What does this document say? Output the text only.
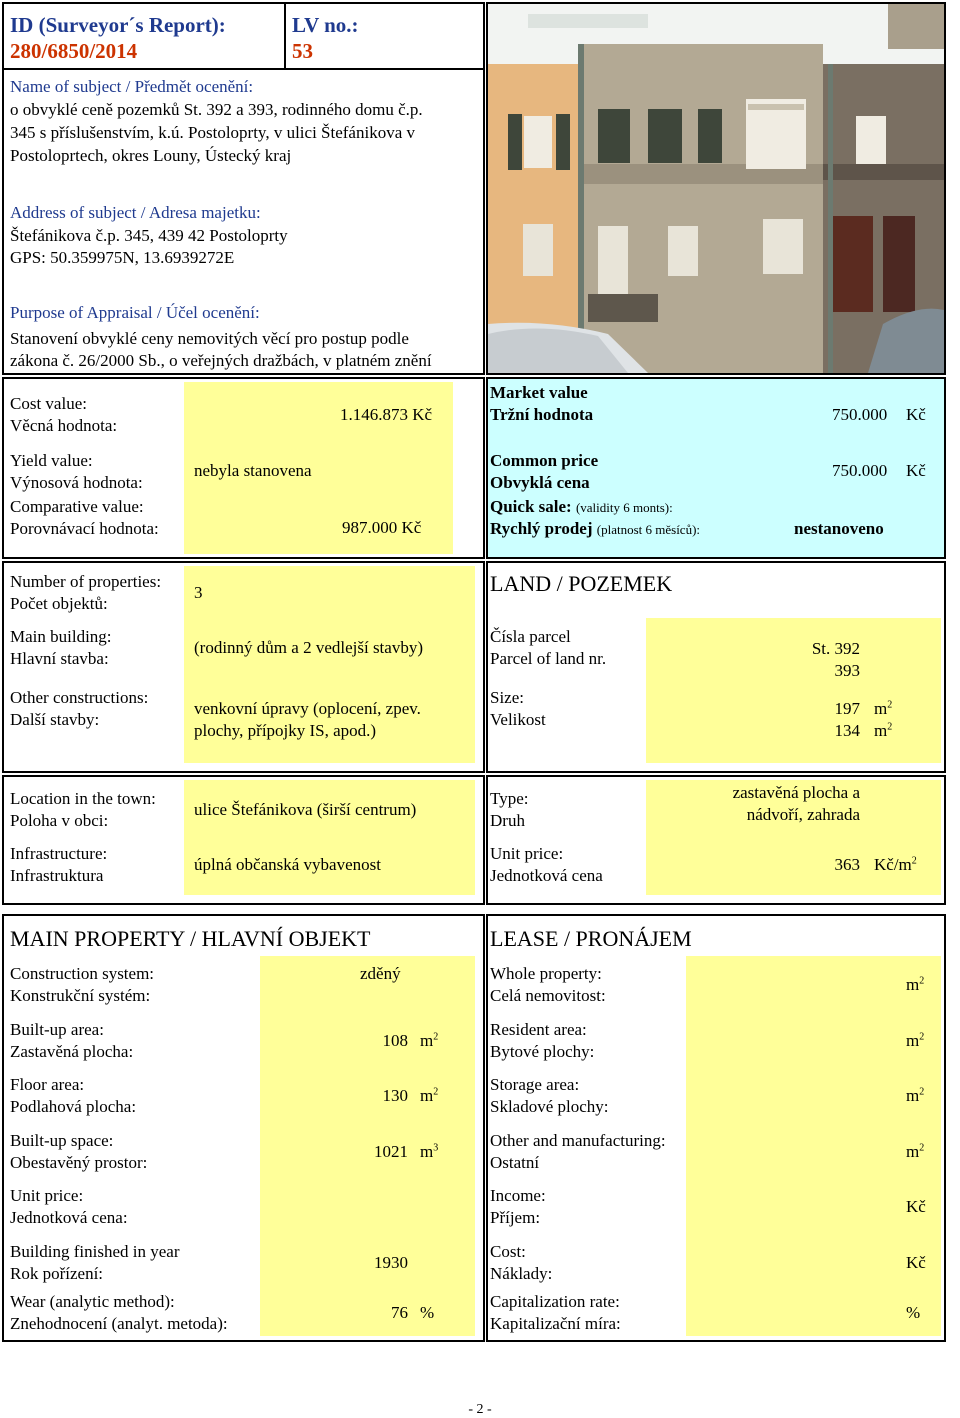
ID (Surveyor´s Report):
280/6850/2014
LV no.:
53
Name of subject / Předmět ocenění:
o obvyklé ceně pozemků St. 392 a 393, rodinného domu č.p.
345 s příslušenstvím, k.ú. Postoloprty, v ulici Štefánikova v
Postoloprtech, okres Louny, Ústecký kraj
Address of subject / Adresa majetku:
Štefánikova č.p. 345, 439 42 Postoloprty
GPS: 50.359975N, 13.6939272E
Purpose of Appraisal / Účel ocenění:
Stanovení obvyklé ceny nemovitých věcí pro postup podle
zákona č. 26/2000 Sb., o veřejných dražbách, v platném znění
Cost value:
Věcná hodnota:
1.146.873 Kč
Yield value:
Výnosová hodnota:
nebyla stanovena
Comparative value:
Porovnávací hodnota:	987.000 Kč
Market value
Tržní hodnota	750.000 Kč
Common price
Obvyklá cena
750.000 Kč
Quick sale: (validity 6 monts):
Rychlý prodej (platnost 6 měsíců):	nestanoveno
Number of properties:
Počet objektů:
3
Main building:
Hlavní stavba:
(rodinný dům a 2 vedlejší stavby)
Other constructions:
Další stavby:
venkovní úpravy (oplocení, zpev.
plochy, přípojky IS, apod.)
LAND / POZEMEK
Čísla parcel
Parcel of land nr.
St. 392
393
Size:
Velikost
197 $m^2$
134 $m^2$
Location in the town:
Poloha v obci:
ulice Štefánikova (širší centrum)
Infrastructure:
Infrastruktura
úplná občanská vybavenost
Type:
Druh
zastavěná plocha a
nádvoří, zahrada
Unit price:
Jednotková cena
363 $Kč/m^2$
MAIN PROPERTY / HLAVNÍ OBJEKT
Construction system:
Konstrukční systém:
zděný
Built-up area:
Zastavěná plocha:
108 $m^2$
Floor area:
Podlahová plocha:
130 $m^2$
Built-up space:
Obestavěný prostor:
1021 $m^3$
Unit price:
Jednotková cena:
Building finished in year
Rok pořízení:
1930
Wear (analytic method):
Znehodnocení (analyt. metoda):
76 %
LEASE / PRONÁJEM
Whole property:
Celá nemovitost:
$m^2$
Resident area:
Bytové plochy:
$m^2$
Storage area:
Skladové plochy:
$m^2$
Other and manufacturing:
Ostatní
$m^2$
Income:
Příjem:
Kč
Cost:
Náklady:
Kč
Capitalization rate:
Kapitalizační míra:
%
- 2 -
